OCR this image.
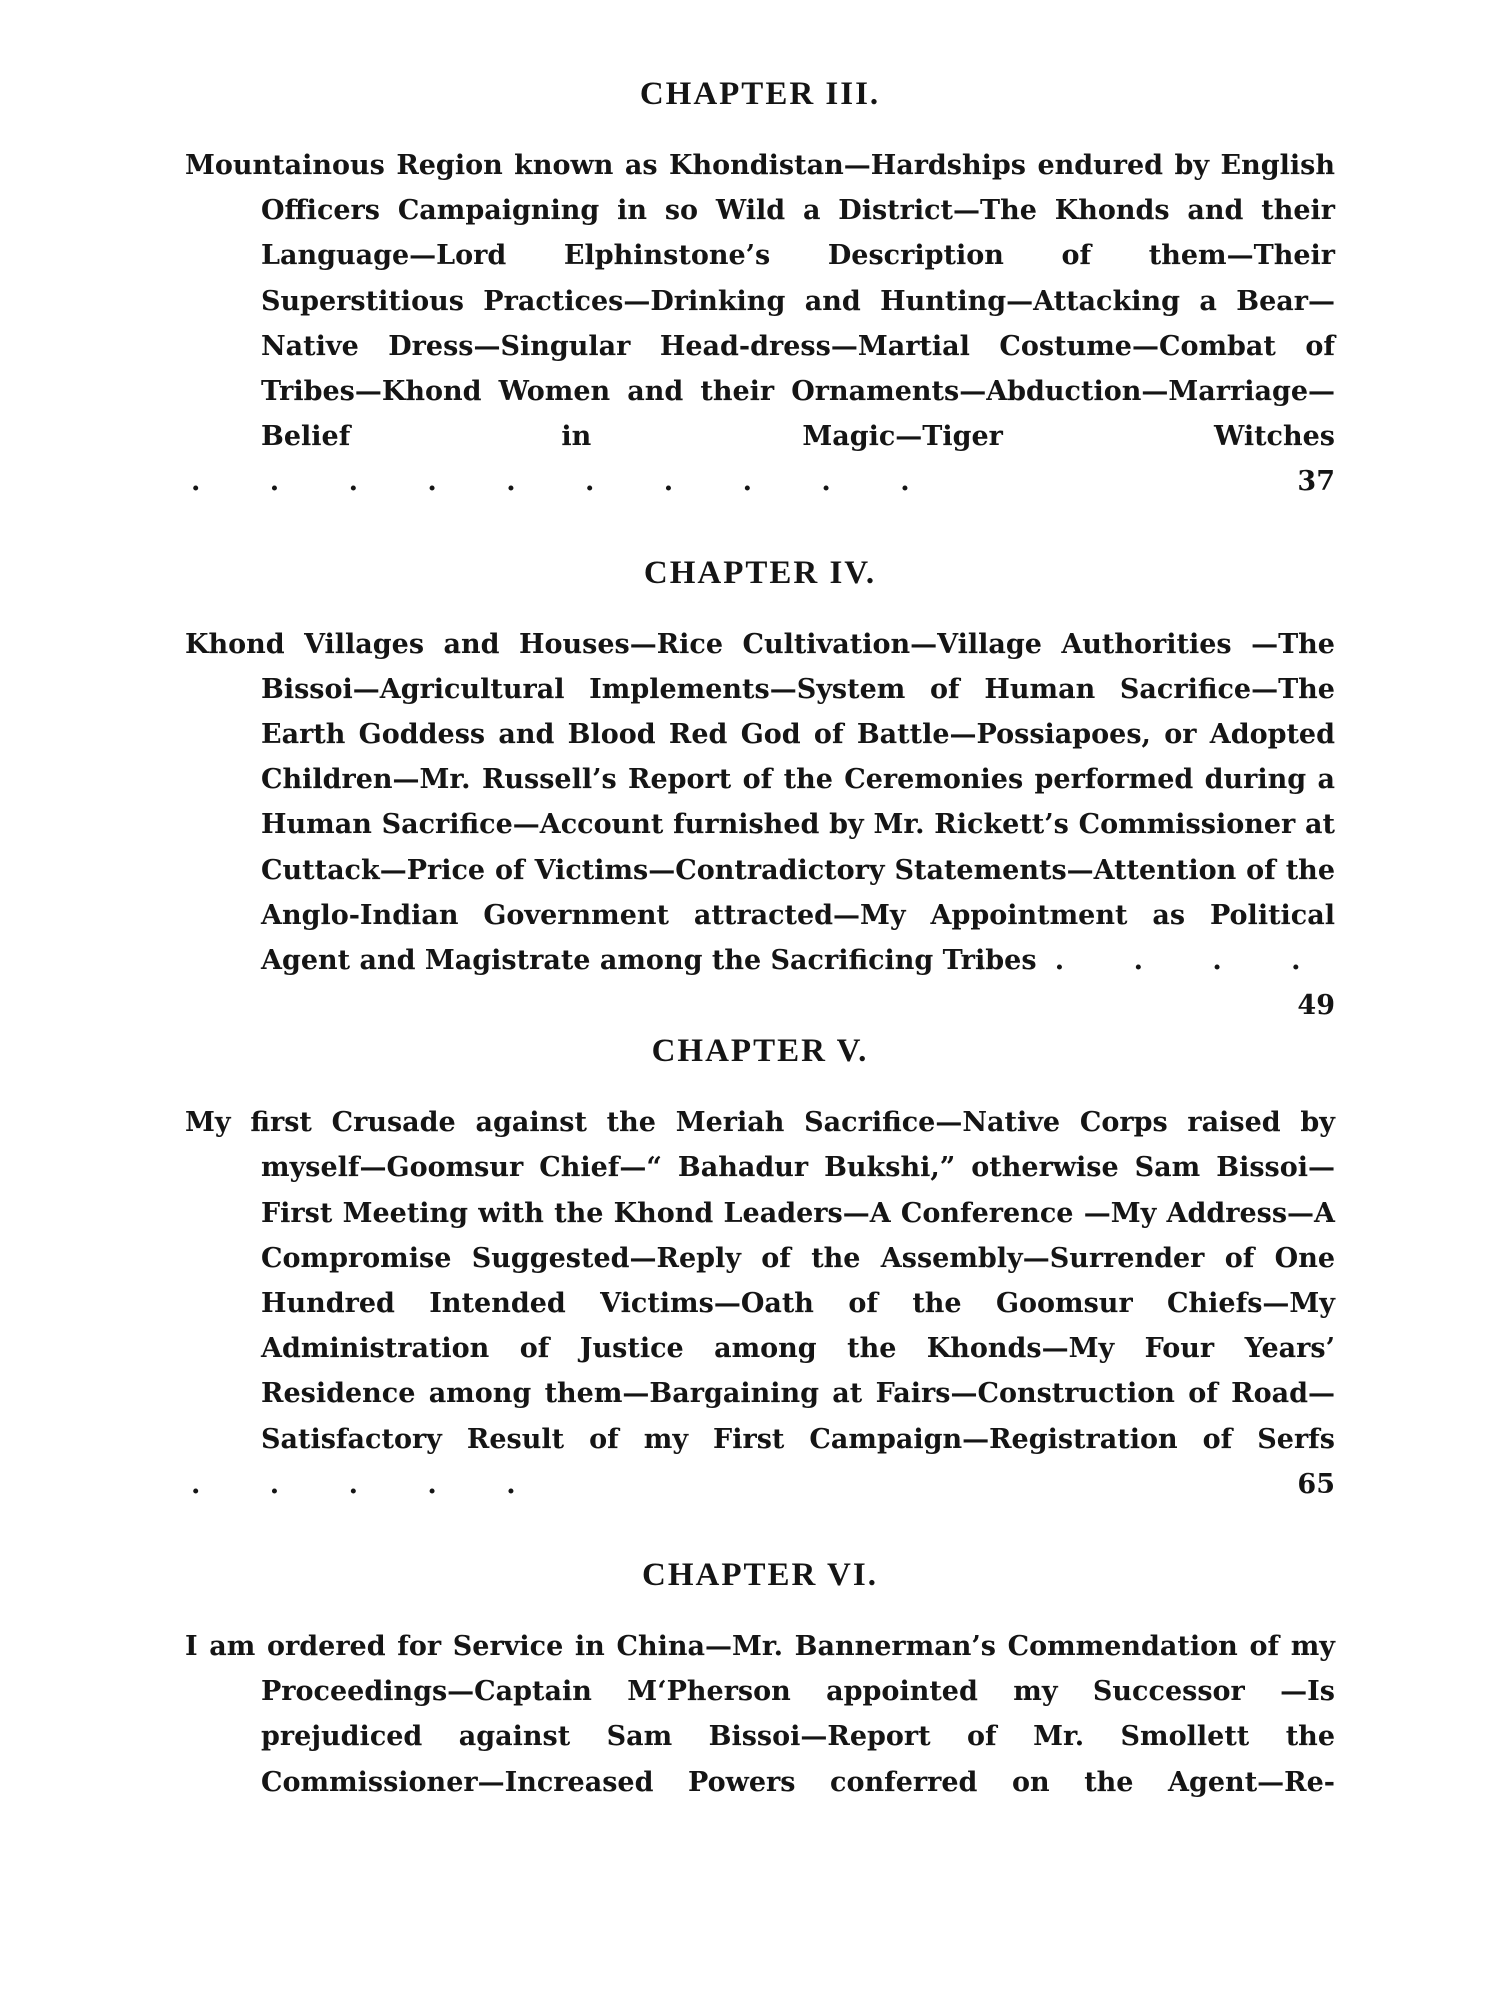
CHAPTER III.

Mountainous Region known as Khondistan—Hardships endured by English Officers Campaigning in so Wild a District—The Khonds and their Language—Lord Elphinstone’s Description of them—Their Superstitious Practices—Drinking and Hunting—Attacking a Bear—Native Dress—Singular Head-dress—Martial Costume—Combat of Tribes—Khond Women and their Ornaments—Abduction—Marriage—Belief in Magic—Tiger Witches . . . . . . . . . .	37

CHAPTER IV.

Khond Villages and Houses—Rice Cultivation—Village Authorities —The Bissoi—Agricultural Implements—System of Human Sacrifice—The Earth Goddess and Blood Red God of Battle—Possiapoes, or Adopted Children—Mr. Russell’s Report of the Ceremonies performed during a Human Sacrifice—Account furnished by Mr. Rickett’s Commissioner at Cuttack—Price of Victims—Contradictory Statements—Attention of the Anglo-Indian Government attracted—My Appointment as Political Agent and Magistrate among the Sacrificing Tribes . . . . .
49

CHAPTER V.

My first Crusade against the Meriah Sacrifice—Native Corps raised by myself—Goomsur Chief—“ Bahadur Bukshi,” otherwise Sam Bissoi—First Meeting with the Khond Leaders—A Conference —My Address—A Compromise Suggested—Reply of the Assembly—Surrender of One Hundred Intended Victims—Oath of the Goomsur Chiefs—My Administration of Justice among the Khonds—My Four Years’ Residence among them—Bargaining at Fairs—Construction of Road—Satisfactory Result of my First Campaign—Registration of Serfs . . . . .	65

CHAPTER VI.

I am ordered for Service in China—Mr. Bannerman’s Commendation of my Proceedings—Captain M‘Pherson appointed my Successor —Is prejudiced against Sam Bissoi—Report of Mr. Smollett the Commissioner—Increased Powers conferred on the Agent—Re-
